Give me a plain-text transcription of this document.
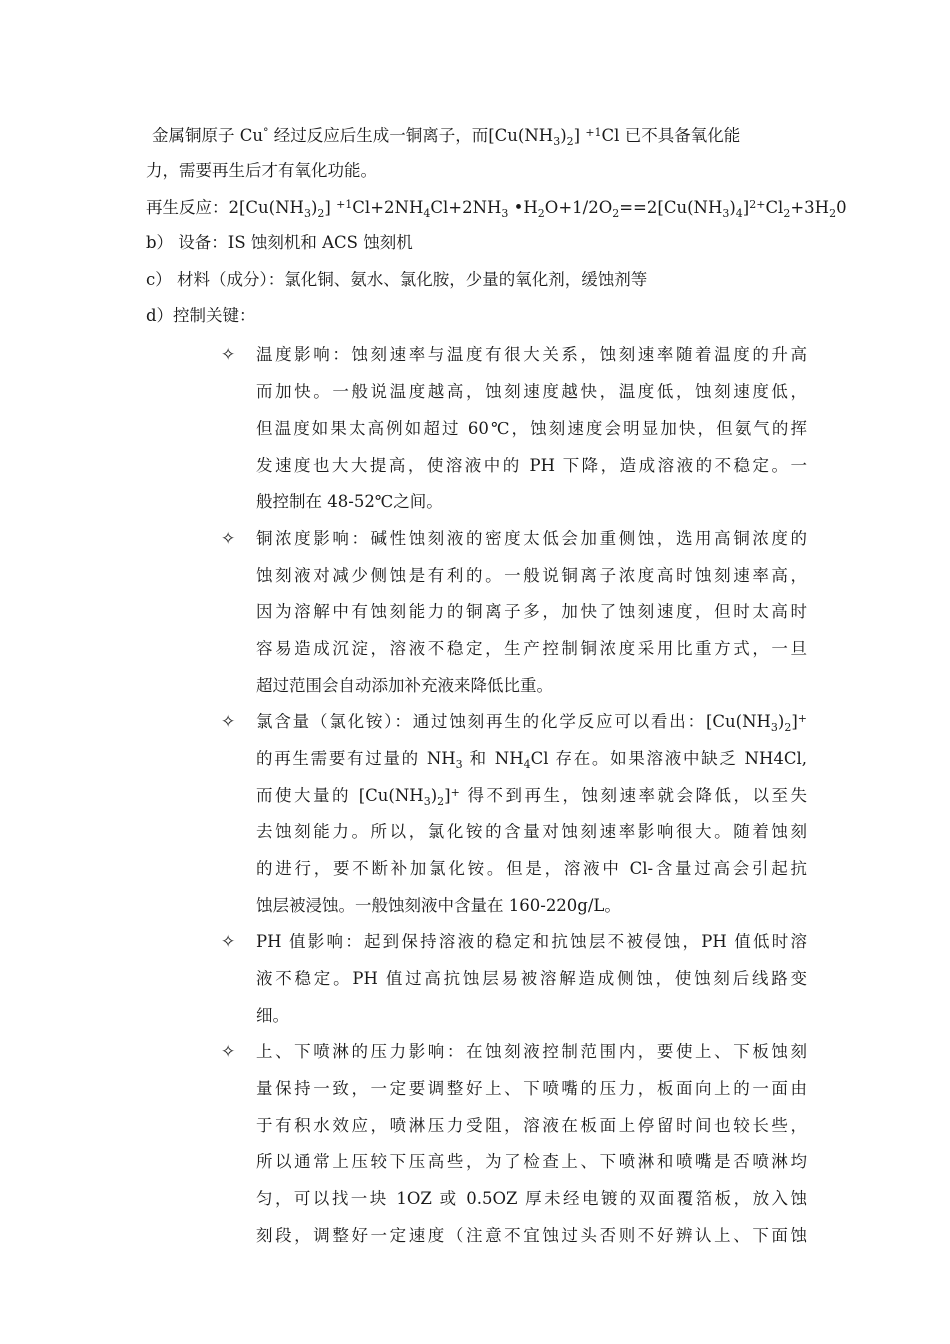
金属铜原子 Cu° 经过反应后生成一铜离子，而$[Cu(NH_3)_2]$ $^{+1}$Cl 已不具备氧化能
力，需要再生后才有氧化功能。
再生反应：$2[Cu(NH_3)_2]$ $^{+1}Cl+2NH_4Cl+2NH_3$ $•H_2O+1/2O_2==2[Cu(NH_3)_4]^{2+}Cl_2+3H_20$
b） 设备：IS 蚀刻机和 ACS 蚀刻机
c） 材料（成分）：氯化铜、氨水、氯化胺，少量的氧化剂，缓蚀剂等
d）控制关键：
✧ 温度影响：蚀刻速率与温度有很大关系，蚀刻速率随着温度的升高
而加快。一般说温度越高，蚀刻速度越快，温度低，蚀刻速度低，
但温度如果太高例如超过 60℃，蚀刻速度会明显加快，但氨气的挥
发速度也大大提高，使溶液中的 PH 下降，造成溶液的不稳定。一
般控制在 48-52℃之间。
✧ 铜浓度影响：碱性蚀刻液的密度太低会加重侧蚀，选用高铜浓度的
蚀刻液对减少侧蚀是有利的。一般说铜离子浓度高时蚀刻速率高，
因为溶解中有蚀刻能力的铜离子多，加快了蚀刻速度，但时太高时
容易造成沉淀，溶液不稳定，生产控制铜浓度采用比重方式，一旦
超过范围会自动添加补充液来降低比重。
✧ 氯含量（氯化铵）：通过蚀刻再生的化学反应可以看出：$[Cu(NH_3)_2]^+$
的再生需要有过量的 $NH_3$ 和 $NH_4Cl$ 存在。如果溶液中缺乏 NH4Cl,
而使大量的 $[Cu(NH_3)_2]^+$ 得不到再生，蚀刻速率就会降低，以至失
去蚀刻能力。所以，氯化铵的含量对蚀刻速率影响很大。随着蚀刻
的进行，要不断补加氯化铵。但是，溶液中 Cl-含量过高会引起抗
蚀层被浸蚀。一般蚀刻液中含量在 160-220g/L。
✧ PH 值影响：起到保持溶液的稳定和抗蚀层不被侵蚀，PH 值低时溶
液不稳定。PH 值过高抗蚀层易被溶解造成侧蚀，使蚀刻后线路变
细。
✧ 上、下喷淋的压力影响：在蚀刻液控制范围内，要使上、下板蚀刻
量保持一致，一定要调整好上、下喷嘴的压力，板面向上的一面由
于有积水效应，喷淋压力受阻，溶液在板面上停留时间也较长些，
所以通常上压较下压高些，为了检查上、下喷淋和喷嘴是否喷淋均
匀，可以找一块 1OZ 或 0.5OZ 厚未经电镀的双面覆箔板，放入蚀
刻段，调整好一定速度（注意不宜蚀过头否则不好辨认上、下面蚀
